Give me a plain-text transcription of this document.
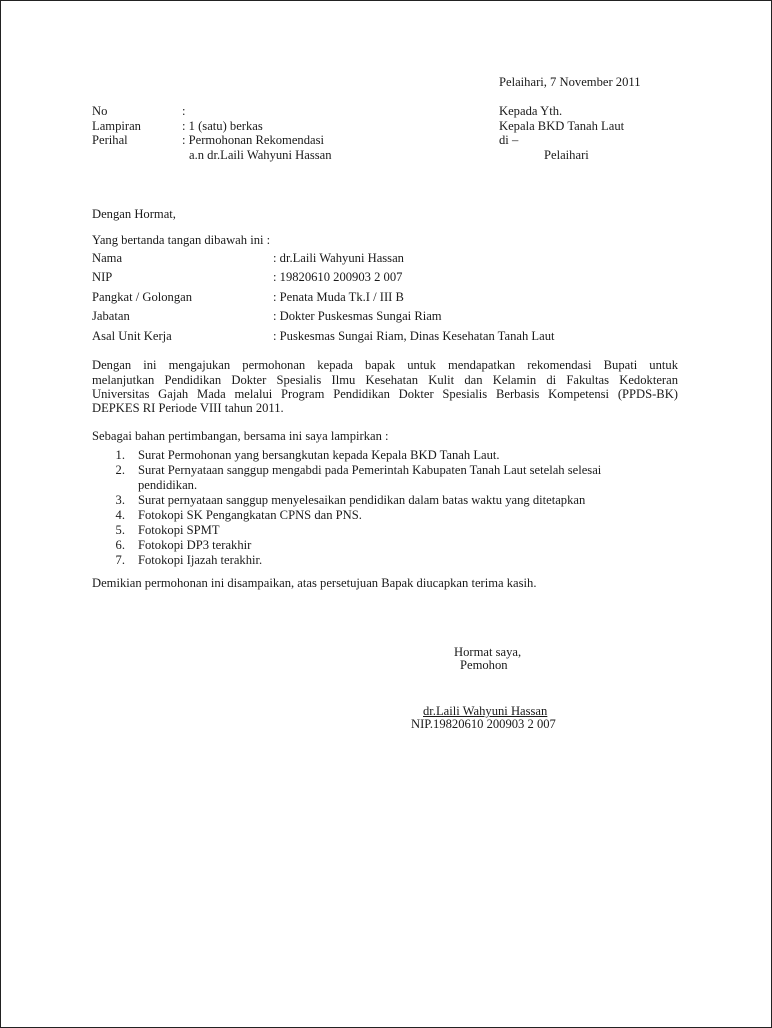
Pelaihari, 7 November 2011
No	:
Lampiran	: 1 (satu) berkas
Perihal	: Permohonan Rekomendasi
a.n dr.Laili Wahyuni Hassan
Kepada Yth.
Kepala BKD Tanah Laut
di –
Pelaihari
Dengan Hormat,
Yang bertanda tangan dibawah ini :
Nama	: dr.Laili Wahyuni Hassan
NIP	: 19820610 200903 2 007
Pangkat / Golongan	: Penata Muda Tk.I / III B
Jabatan	: Dokter Puskesmas Sungai Riam
Asal Unit Kerja	: Puskesmas Sungai Riam, Dinas Kesehatan Tanah Laut
Dengan ini mengajukan permohonan kepada bapak untuk mendapatkan rekomendasi Bupati untuk
melanjutkan Pendidikan Dokter Spesialis Ilmu Kesehatan Kulit dan Kelamin di Fakultas Kedokteran
Universitas Gajah Mada melalui Program Pendidikan Dokter Spesialis Berbasis Kompetensi (PPDS-BK)
DEPKES RI Periode VIII tahun 2011.
Sebagai bahan pertimbangan, bersama ini saya lampirkan :
1. Surat Permohonan yang bersangkutan kepada Kepala BKD Tanah Laut.
2. Surat Pernyataan sanggup mengabdi pada Pemerintah Kabupaten Tanah Laut setelah selesai
pendidikan.
3. Surat pernyataan sanggup menyelesaikan pendidikan dalam batas waktu yang ditetapkan
4. Fotokopi SK Pengangkatan CPNS dan PNS.
5. Fotokopi SPMT
6. Fotokopi DP3 terakhir
7. Fotokopi Ijazah terakhir.
Demikian permohonan ini disampaikan, atas persetujuan Bapak diucapkan terima kasih.
Hormat saya,
Pemohon
dr.Laili Wahyuni Hassan
NIP.19820610 200903 2 007
